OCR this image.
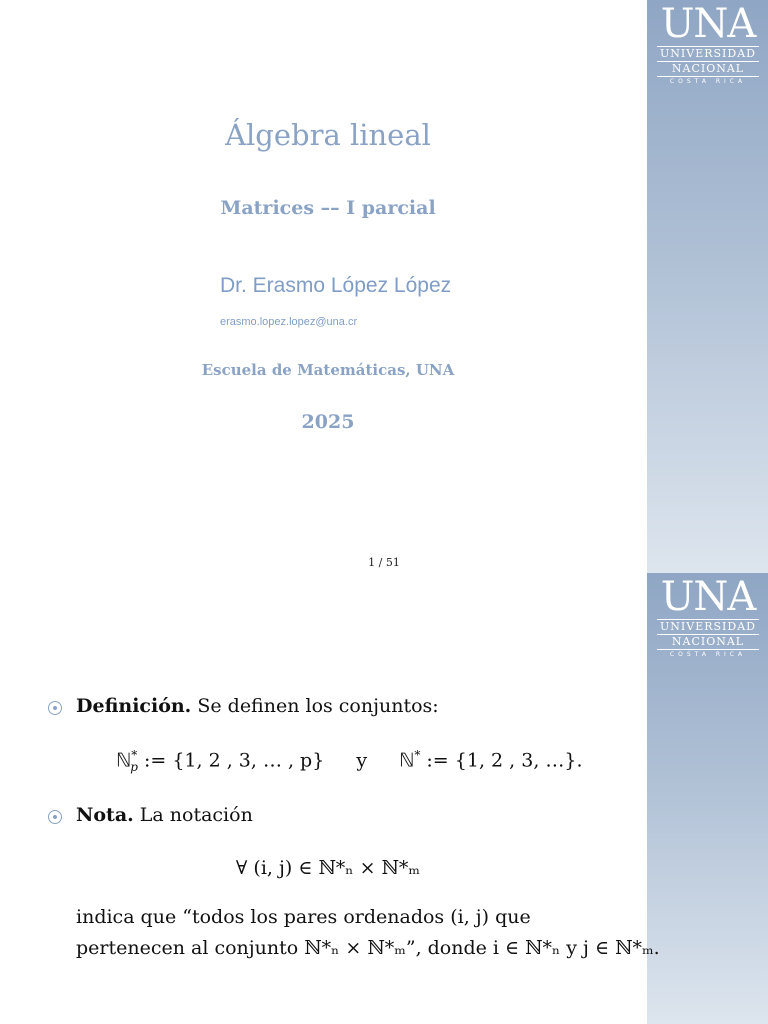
UNA
UNIVERSIDAD
NACIONAL
COSTA RICA
Álgebra lineal
Matrices –– I parcial
Dr. Erasmo López López
erasmo.lopez.lopez@una.cr
Escuela de Matemáticas, UNA
2025
1 / 51
UNA
UNIVERSIDAD
NACIONAL
COSTA RICA
Definición. Se definen los conjuntos:
ℕ*$_p$ := {1, 2 , 3, … , p} y ℕ* := {1, 2 , 3, …}.
Nota. La notación
∀ (i, j) ∈ ℕ*ₙ × ℕ*ₘ
indica que “todos los pares ordenados (i, j) que
pertenecen al conjunto ℕ*ₙ × ℕ*ₘ”, donde i ∈ ℕ*ₙ y j ∈ ℕ*ₘ.
